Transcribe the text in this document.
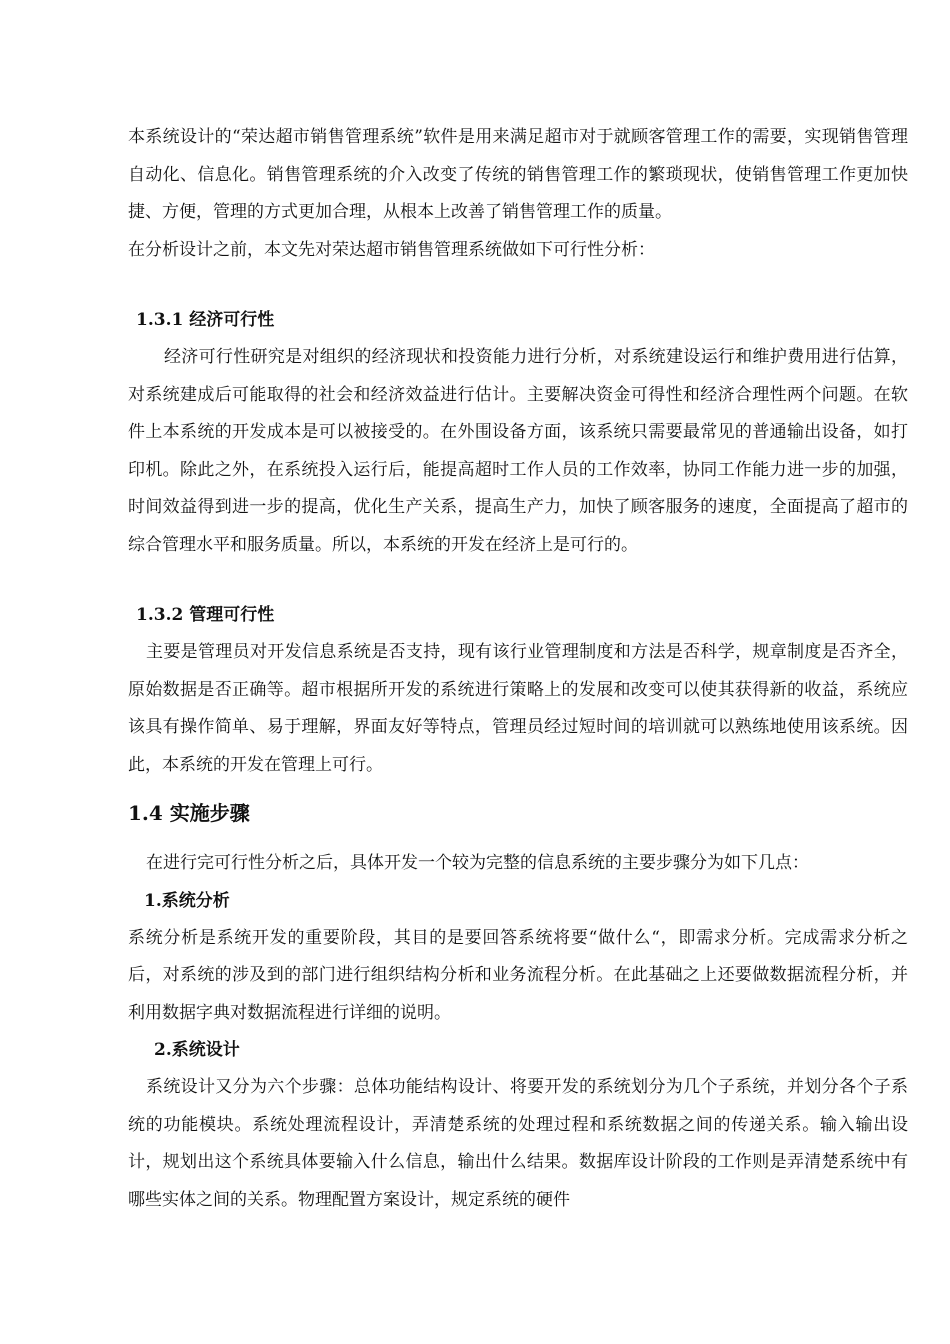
本系统设计的“荣达超市销售管理系统”软件是用来满足超市对于就顾客管理工作的需要，实现销售管理自动化、信息化。销售管理系统的介入改变了传统的销售管理工作的繁琐现状，使销售管理工作更加快捷、方便，管理的方式更加合理，从根本上改善了销售管理工作的质量。

在分析设计之前，本文先对荣达超市销售管理系统做如下可行性分析：

1.3.1 经济可行性

经济可行性研究是对组织的经济现状和投资能力进行分析，对系统建设运行和维护费用进行估算，对系统建成后可能取得的社会和经济效益进行估计。主要解决资金可得性和经济合理性两个问题。在软件上本系统的开发成本是可以被接受的。在外围设备方面，该系统只需要最常见的普通输出设备，如打印机。除此之外，在系统投入运行后，能提高超时工作人员的工作效率，协同工作能力进一步的加强，时间效益得到进一步的提高，优化生产关系，提高生产力，加快了顾客服务的速度，全面提高了超市的综合管理水平和服务质量。所以，本系统的开发在经济上是可行的。

1.3.2 管理可行性

主要是管理员对开发信息系统是否支持，现有该行业管理制度和方法是否科学，规章制度是否齐全，原始数据是否正确等。超市根据所开发的系统进行策略上的发展和改变可以使其获得新的收益，系统应该具有操作简单、易于理解，界面友好等特点，管理员经过短时间的培训就可以熟练地使用该系统。因此，本系统的开发在管理上可行。

1.4 实施步骤

在进行完可行性分析之后，具体开发一个较为完整的信息系统的主要步骤分为如下几点：

1.系统分析

系统分析是系统开发的重要阶段，其目的是要回答系统将要“做什么“，即需求分析。完成需求分析之后，对系统的涉及到的部门进行组织结构分析和业务流程分析。在此基础之上还要做数据流程分析，并利用数据字典对数据流程进行详细的说明。

2.系统设计

系统设计又分为六个步骤：总体功能结构设计、将要开发的系统划分为几个子系统，并划分各个子系统的功能模块。系统处理流程设计，弄清楚系统的处理过程和系统数据之间的传递关系。输入输出设计，规划出这个系统具体要输入什么信息，输出什么结果。数据库设计阶段的工作则是弄清楚系统中有哪些实体之间的关系。物理配置方案设计，规定系统的硬件
